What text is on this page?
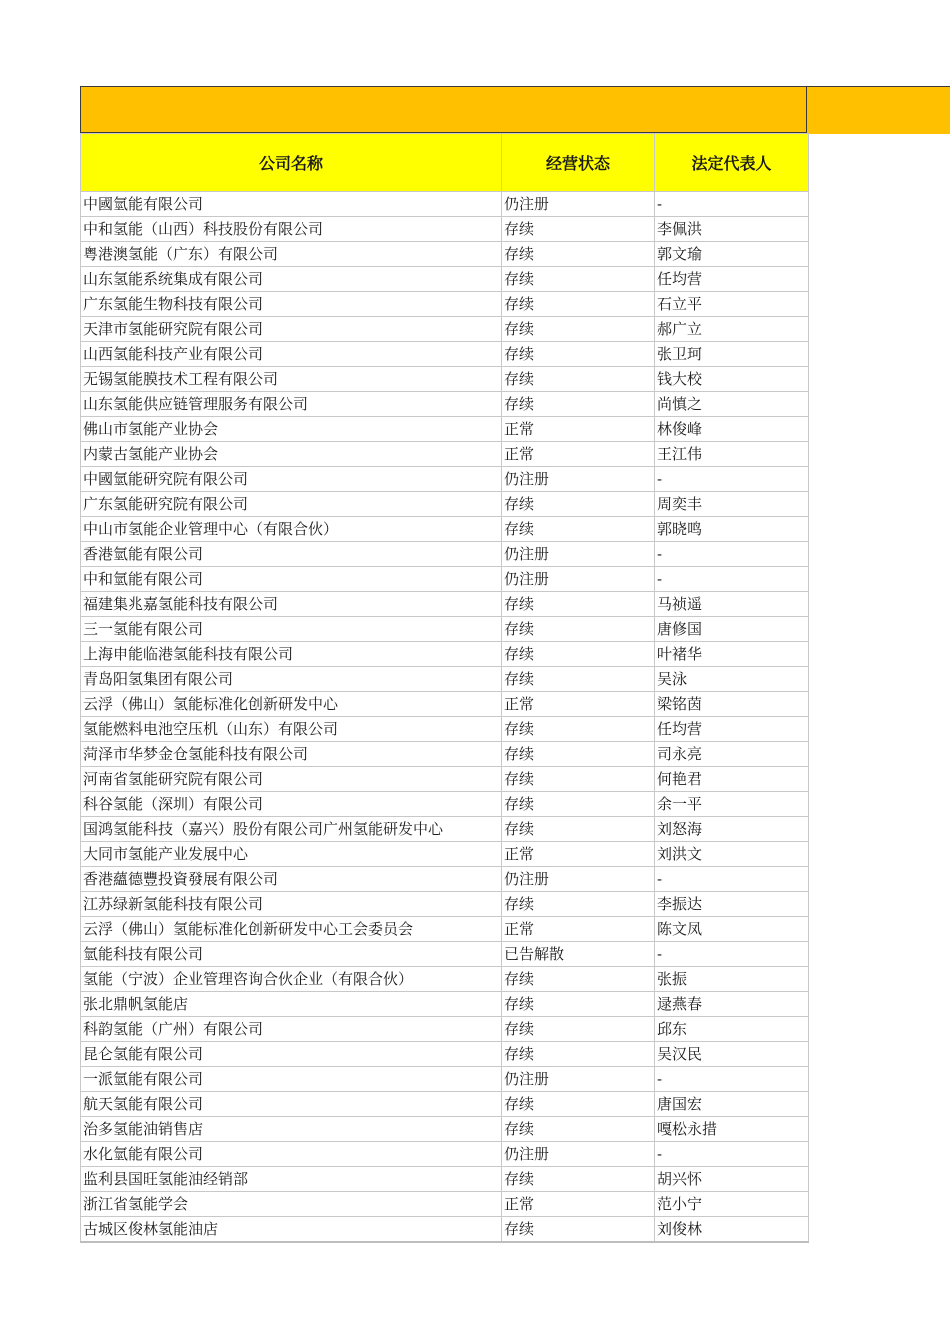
公司名称	经营状态	法定代表人
中國氫能有限公司	仍注册	-
中和氢能（山西）科技股份有限公司	存续	李佩洪
粤港澳氢能（广东）有限公司	存续	郭文瑜
山东氢能系统集成有限公司	存续	任均营
广东氢能生物科技有限公司	存续	石立平
天津市氢能研究院有限公司	存续	郝广立
山西氢能科技产业有限公司	存续	张卫珂
无锡氢能膜技术工程有限公司	存续	钱大校
山东氢能供应链管理服务有限公司	存续	尚慎之
佛山市氢能产业协会	正常	林俊峰
内蒙古氢能产业协会	正常	王江伟
中國氫能研究院有限公司	仍注册	-
广东氢能研究院有限公司	存续	周奕丰
中山市氢能企业管理中心（有限合伙）	存续	郭晓鸣
香港氫能有限公司	仍注册	-
中和氫能有限公司	仍注册	-
福建集兆嘉氢能科技有限公司	存续	马祯遥
三一氢能有限公司	存续	唐修国
上海申能临港氢能科技有限公司	存续	叶褚华
青岛阳氢集团有限公司	存续	吴泳
云浮（佛山）氢能标准化创新研发中心	正常	梁铭茵
氢能燃料电池空压机（山东）有限公司	存续	任均营
菏泽市华梦金仓氢能科技有限公司	存续	司永亮
河南省氢能研究院有限公司	存续	何艳君
科谷氢能（深圳）有限公司	存续	余一平
国鸿氢能科技（嘉兴）股份有限公司广州氢能研发中心	存续	刘怒海
大同市氢能产业发展中心	正常	刘洪文
香港蘊德豐投資發展有限公司	仍注册	-
江苏绿新氢能科技有限公司	存续	李振达
云浮（佛山）氢能标准化创新研发中心工会委员会	正常	陈文凤
氫能科技有限公司	已告解散	-
氢能（宁波）企业管理咨询合伙企业（有限合伙）	存续	张振
张北鼎帆氢能店	存续	逯燕春
科韵氢能（广州）有限公司	存续	邱东
昆仑氢能有限公司	存续	吴汉民
一派氫能有限公司	仍注册	-
航天氢能有限公司	存续	唐国宏
治多氢能油销售店	存续	嘎松永措
水化氫能有限公司	仍注册	-
监利县国旺氢能油经销部	存续	胡兴怀
浙江省氢能学会	正常	范小宁
古城区俊林氢能油店	存续	刘俊林
